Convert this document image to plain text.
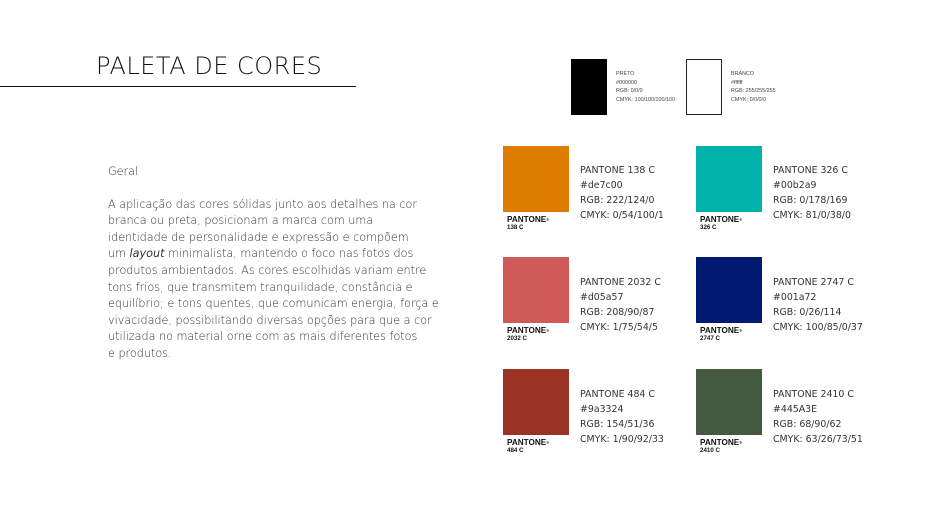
PALETA DE CORES

Geral

A aplicação das cores sólidas junto aos detalhes na cor
branca ou preta, posicionam a marca com uma
identidade de personalidade e expressão e compõem
um layout minimalista, mantendo o foco nas fotos dos
produtos ambientados. As cores escolhidas variam entre
tons frios, que transmitem tranquilidade, constância e
equilíbrio; e tons quentes, que comunicam energia, força e
vivacidade, possibilitando diversas opções para que a cor
utilizada no material orne com as mais diferentes fotos
e produtos.

PRETO
#000000
RGB: 0/0/0
CMYK: 100/100/100/100
BRANCO
#ffffff
RGB: 255/255/255
CMYK: 0/0/0/0
PANTONE®
138 C
PANTONE 138 C
#de7c00
RGB: 222/124/0
CMYK: 0/54/100/1	PANTONE®
326 C
PANTONE 326 C
#00b2a9
RGB: 0/178/169
CMYK: 81/0/38/0
PANTONE®
2032 C
PANTONE 2032 C
#d05a57
RGB: 208/90/87
CMYK: 1/75/54/5	PANTONE®
2747 C
PANTONE 2747 C
#001a72
RGB: 0/26/114
CMYK: 100/85/0/37
PANTONE®
484 C
PANTONE 484 C
#9a3324
RGB: 154/51/36
CMYK: 1/90/92/33	PANTONE®
2410 C
PANTONE 2410 C
#445A3E
RGB: 68/90/62
CMYK: 63/26/73/51
